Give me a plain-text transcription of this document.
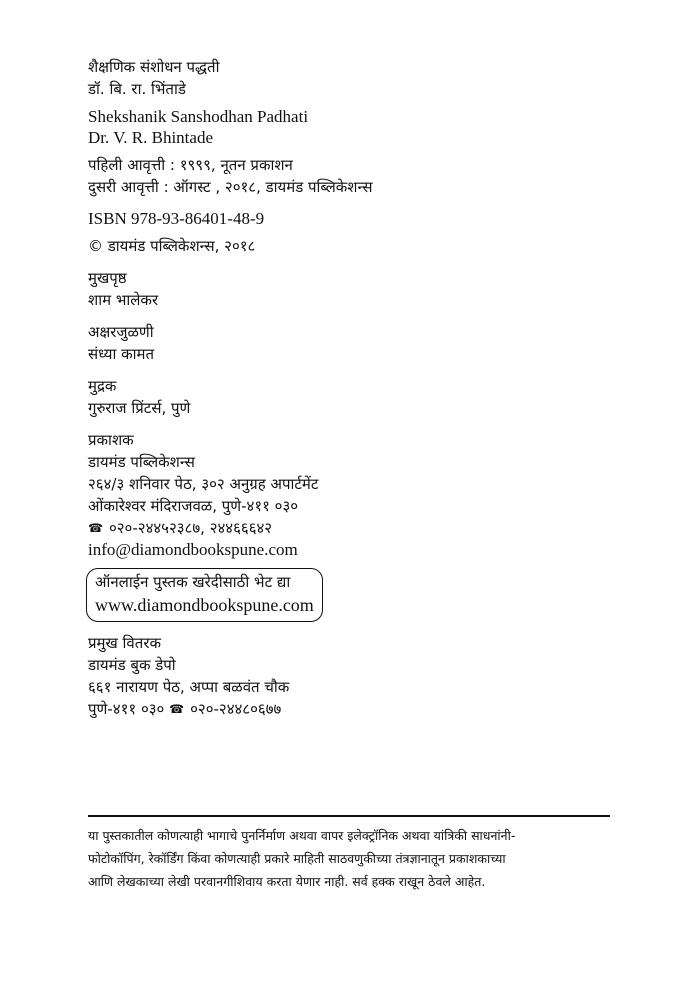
शैक्षणिक संशोधन पद्धती
डॉ. बि. रा. भिंताडे
Shekshanik Sanshodhan Padhati
Dr. V. R. Bhintade
पहिली आवृत्ती : १९९९, नूतन प्रकाशन
दुसरी आवृत्ती : ऑगस्ट , २०१८, डायमंड पब्लिकेशन्स
ISBN 978-93-86401-48-9
© डायमंड पब्लिकेशन्स, २०१८
मुखपृष्ठ
शाम भालेकर
अक्षरजुळणी
संध्या कामत
मुद्रक
गुरुराज प्रिंटर्स, पुणे
प्रकाशक
डायमंड पब्लिकेशन्स
२६४/३ शनिवार पेठ, ३०२ अनुग्रह अपार्टमेंट
ओंकारेश्वर मंदिराजवळ, पुणे-४११ ०३०
☎ ०२०-२४४५२३८७, २४४६६६४२
info@diamondbookspune.com
ऑनलाईन पुस्तक खरेदीसाठी भेट द्या
www.diamondbookspune.com
प्रमुख वितरक
डायमंड बुक डेपो
६६१ नारायण पेठ, अप्पा बळवंत चौक
पुणे-४११ ०३० ☎ ०२०-२४४८०६७७
या पुस्तकातील कोणत्याही भागाचे पुनर्निर्माण अथवा वापर इलेक्ट्रॉनिक अथवा यांत्रिकी साधनांनी-
फोटोकॉपिंग, रेकॉर्डिंग किंवा कोणत्याही प्रकारे माहिती साठवणुकीच्या तंत्रज्ञानातून प्रकाशकाच्या
आणि लेखकाच्या लेखी परवानगीशिवाय करता येणार नाही. सर्व हक्क राखून ठेवले आहेत.
